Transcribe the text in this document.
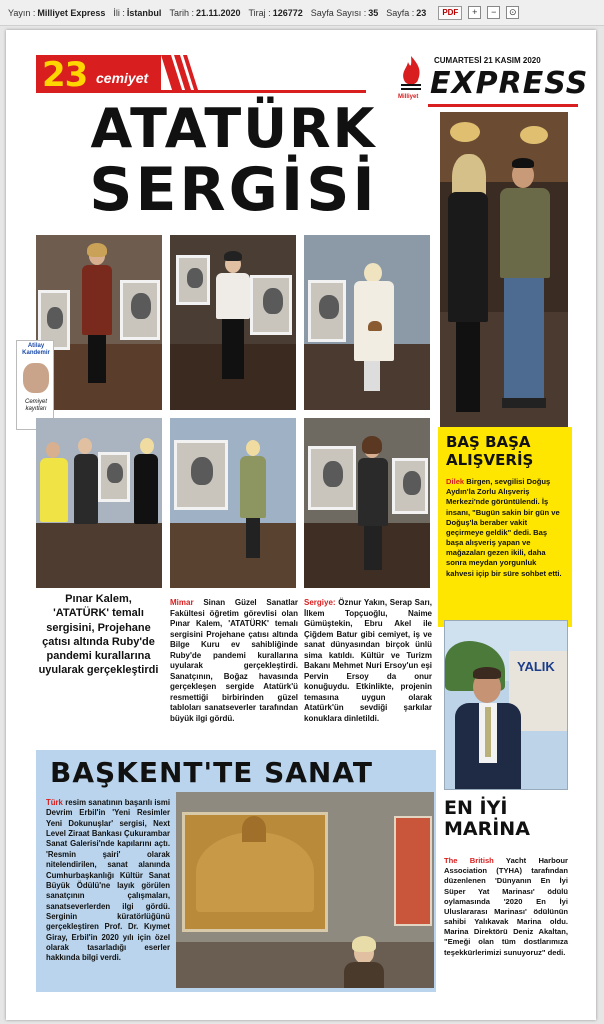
Yayın : Milliyet Express İli : İstanbul Tarih : 21.11.2020 Tiraj : 126772 Sayfa Sayısı : 35 Sayfa : 23 PDF	+	−	⊙
23 cemiyet
Milliyet
CUMARTESİ 21 KASIM 2020
EXPRESS
ATATÜRK
SERGİSİ
Atilay Kandemir
Cemiyet kayıtları
Pınar Kalem, 'ATATÜRK' temalı sergisini, Projehane çatısı altında Ruby'de pandemi kurallarına uyularak gerçekleştirdi
Mimar Sinan Güzel Sanatlar Fakültesi öğretim görevlisi olan Pınar Kalem, 'ATATÜRK' temalı sergisini Projehane çatısı altında Bilge Kuru ev sahibliğinde Ruby'de pandemi kurallarına uyularak gerçekleştirdi. Sanatçının, Boğaz havasında gerçekleşen sergide Atatürk'ü resmettiği birbirinden güzel tabloları sanatseverler tarafından büyük ilgi gördü.
Sergiye: Öznur Yakın, Serap Sarı, İlkem Topçuoğlu, Naime Gümüştekin, Ebru Akel ile Çiğdem Batur gibi cemiyet, iş ve sanat dünyasından birçok ünlü sima katıldı. Kültür ve Turizm Bakanı Mehmet Nuri Ersoy'un eşi Pervin Ersoy da onur konuğuydu. Etkinlikte, projenin temasına uygun olarak Atatürk'ün sevdiği şarkılar konuklara dinletildi.
BAŞ BAŞA
ALIŞVERİŞ
Dilek Birgen, sevgilisi Doğuş Aydın'la Zorlu Alışveriş Merkezi'nde görüntülendi. İş insanı, "Bugün sakin bir gün ve Doğuş'la beraber vakit geçirmeye geldik" dedi. Baş başa alışveriş yapan ve mağazaları gezen ikili, daha sonra meydan yorgunluk kahvesi içip bir süre sohbet etti.
YALIK
EN İYİ
MARİNA
The British Yacht Harbour Association (TYHA) tarafından düzenlenen 'Dünyanın En İyi Süper Yat Marinası' ödülü oylamasında '2020 En İyi Uluslararası Marinası' ödülünün sahibi Yalıkavak Marina oldu. Marina Direktörü Deniz Akaltan, "Emeği olan tüm dostlarımıza teşekkürlerimizi sunuyoruz" dedi.
BAŞKENT'TE SANAT
Türk resim sanatının başarılı ismi Devrim Erbil'in 'Yeni Resimler Yeni Dokunuşlar' sergisi, Next Level Ziraat Bankası Çukurambar Sanat Galerisi'nde kapılarını açtı. 'Resmin şairi' olarak nitelendirilen, sanat alanında Cumhurbaşkanlığı Kültür Sanat Büyük Ödülü'ne layık görülen sanatçının çalışmaları, sanatseverlerden ilgi gördü. Serginin küratörlüğünü gerçekleştiren Prof. Dr. Kıymet Giray, Erbil'in 2020 yılı için özel olarak tasarladığı eserler hakkında bilgi verdi.
